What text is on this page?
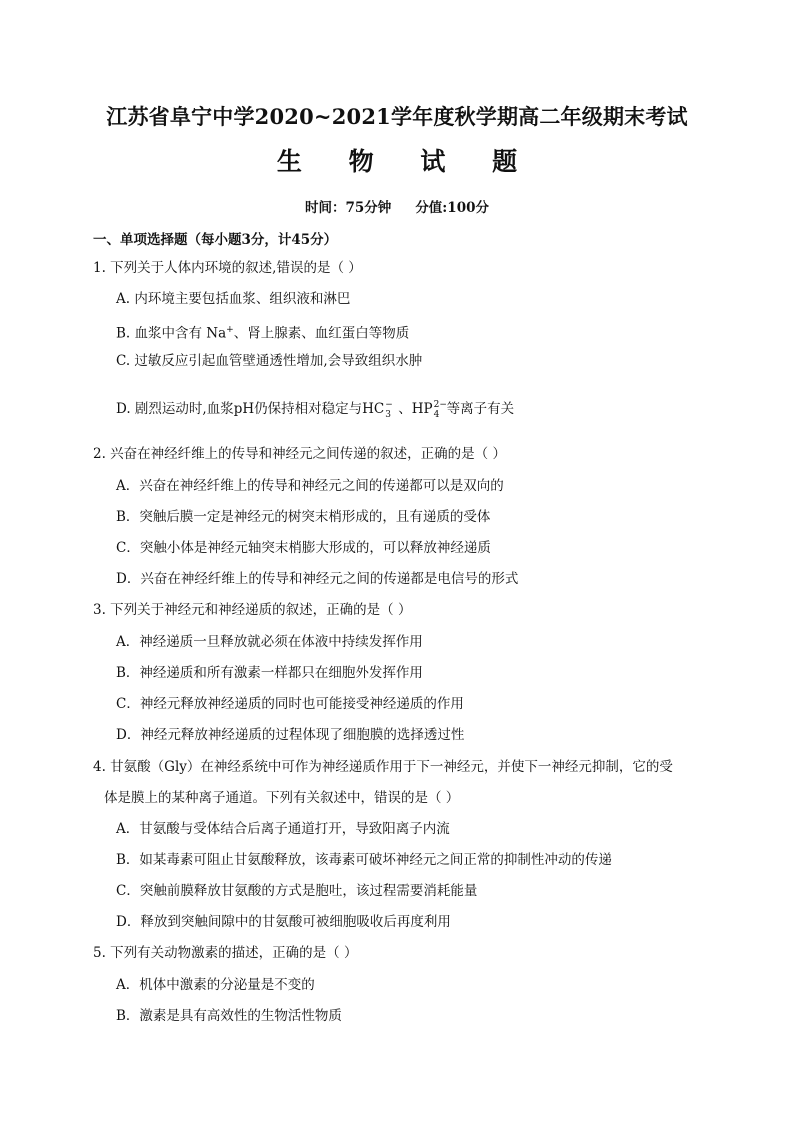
江苏省阜宁中学2020~2021学年度秋学期高二年级期末考试
生 物 试 题
时间：75分钟 分值:100分
一、单项选择题（每小题3分，计45分）
1. 下列关于人体内环境的叙述,错误的是（ ）
A. 内环境主要包括血浆、组织液和淋巴
B. 血浆中含有 Na+、肾上腺素、血红蛋白等物质
C. 过敏反应引起血管壁通透性增加,会导致组织水肿
D. 剧烈运动时,血浆pH仍保持相对稳定与HC −
3 、HP 2−
4 等离子有关
2. 兴奋在神经纤维上的传导和神经元之间传递的叙述，正确的是（ ）
A．兴奋在神经纤维上的传导和神经元之间的传递都可以是双向的
B．突触后膜一定是神经元的树突末梢形成的，且有递质的受体
C．突触小体是神经元轴突末梢膨大形成的，可以释放神经递质
D．兴奋在神经纤维上的传导和神经元之间的传递都是电信号的形式
3. 下列关于神经元和神经递质的叙述，正确的是（ ）
A．神经递质一旦释放就必须在体液中持续发挥作用
B．神经递质和所有激素一样都只在细胞外发挥作用
C．神经元释放神经递质的同时也可能接受神经递质的作用
D．神经元释放神经递质的过程体现了细胞膜的选择透过性
4. 甘氨酸（Gly）在神经系统中可作为神经递质作用于下一神经元，并使下一神经元抑制，它的受
体是膜上的某种离子通道。下列有关叙述中，错误的是（ ）
A．甘氨酸与受体结合后离子通道打开，导致阳离子内流
B．如某毒素可阻止甘氨酸释放，该毒素可破坏神经元之间正常的抑制性冲动的传递
C．突触前膜释放甘氨酸的方式是胞吐，该过程需要消耗能量
D．释放到突触间隙中的甘氨酸可被细胞吸收后再度利用
5. 下列有关动物激素的描述，正确的是（ ）
A．机体中激素的分泌量是不变的
B．激素是具有高效性的生物活性物质
